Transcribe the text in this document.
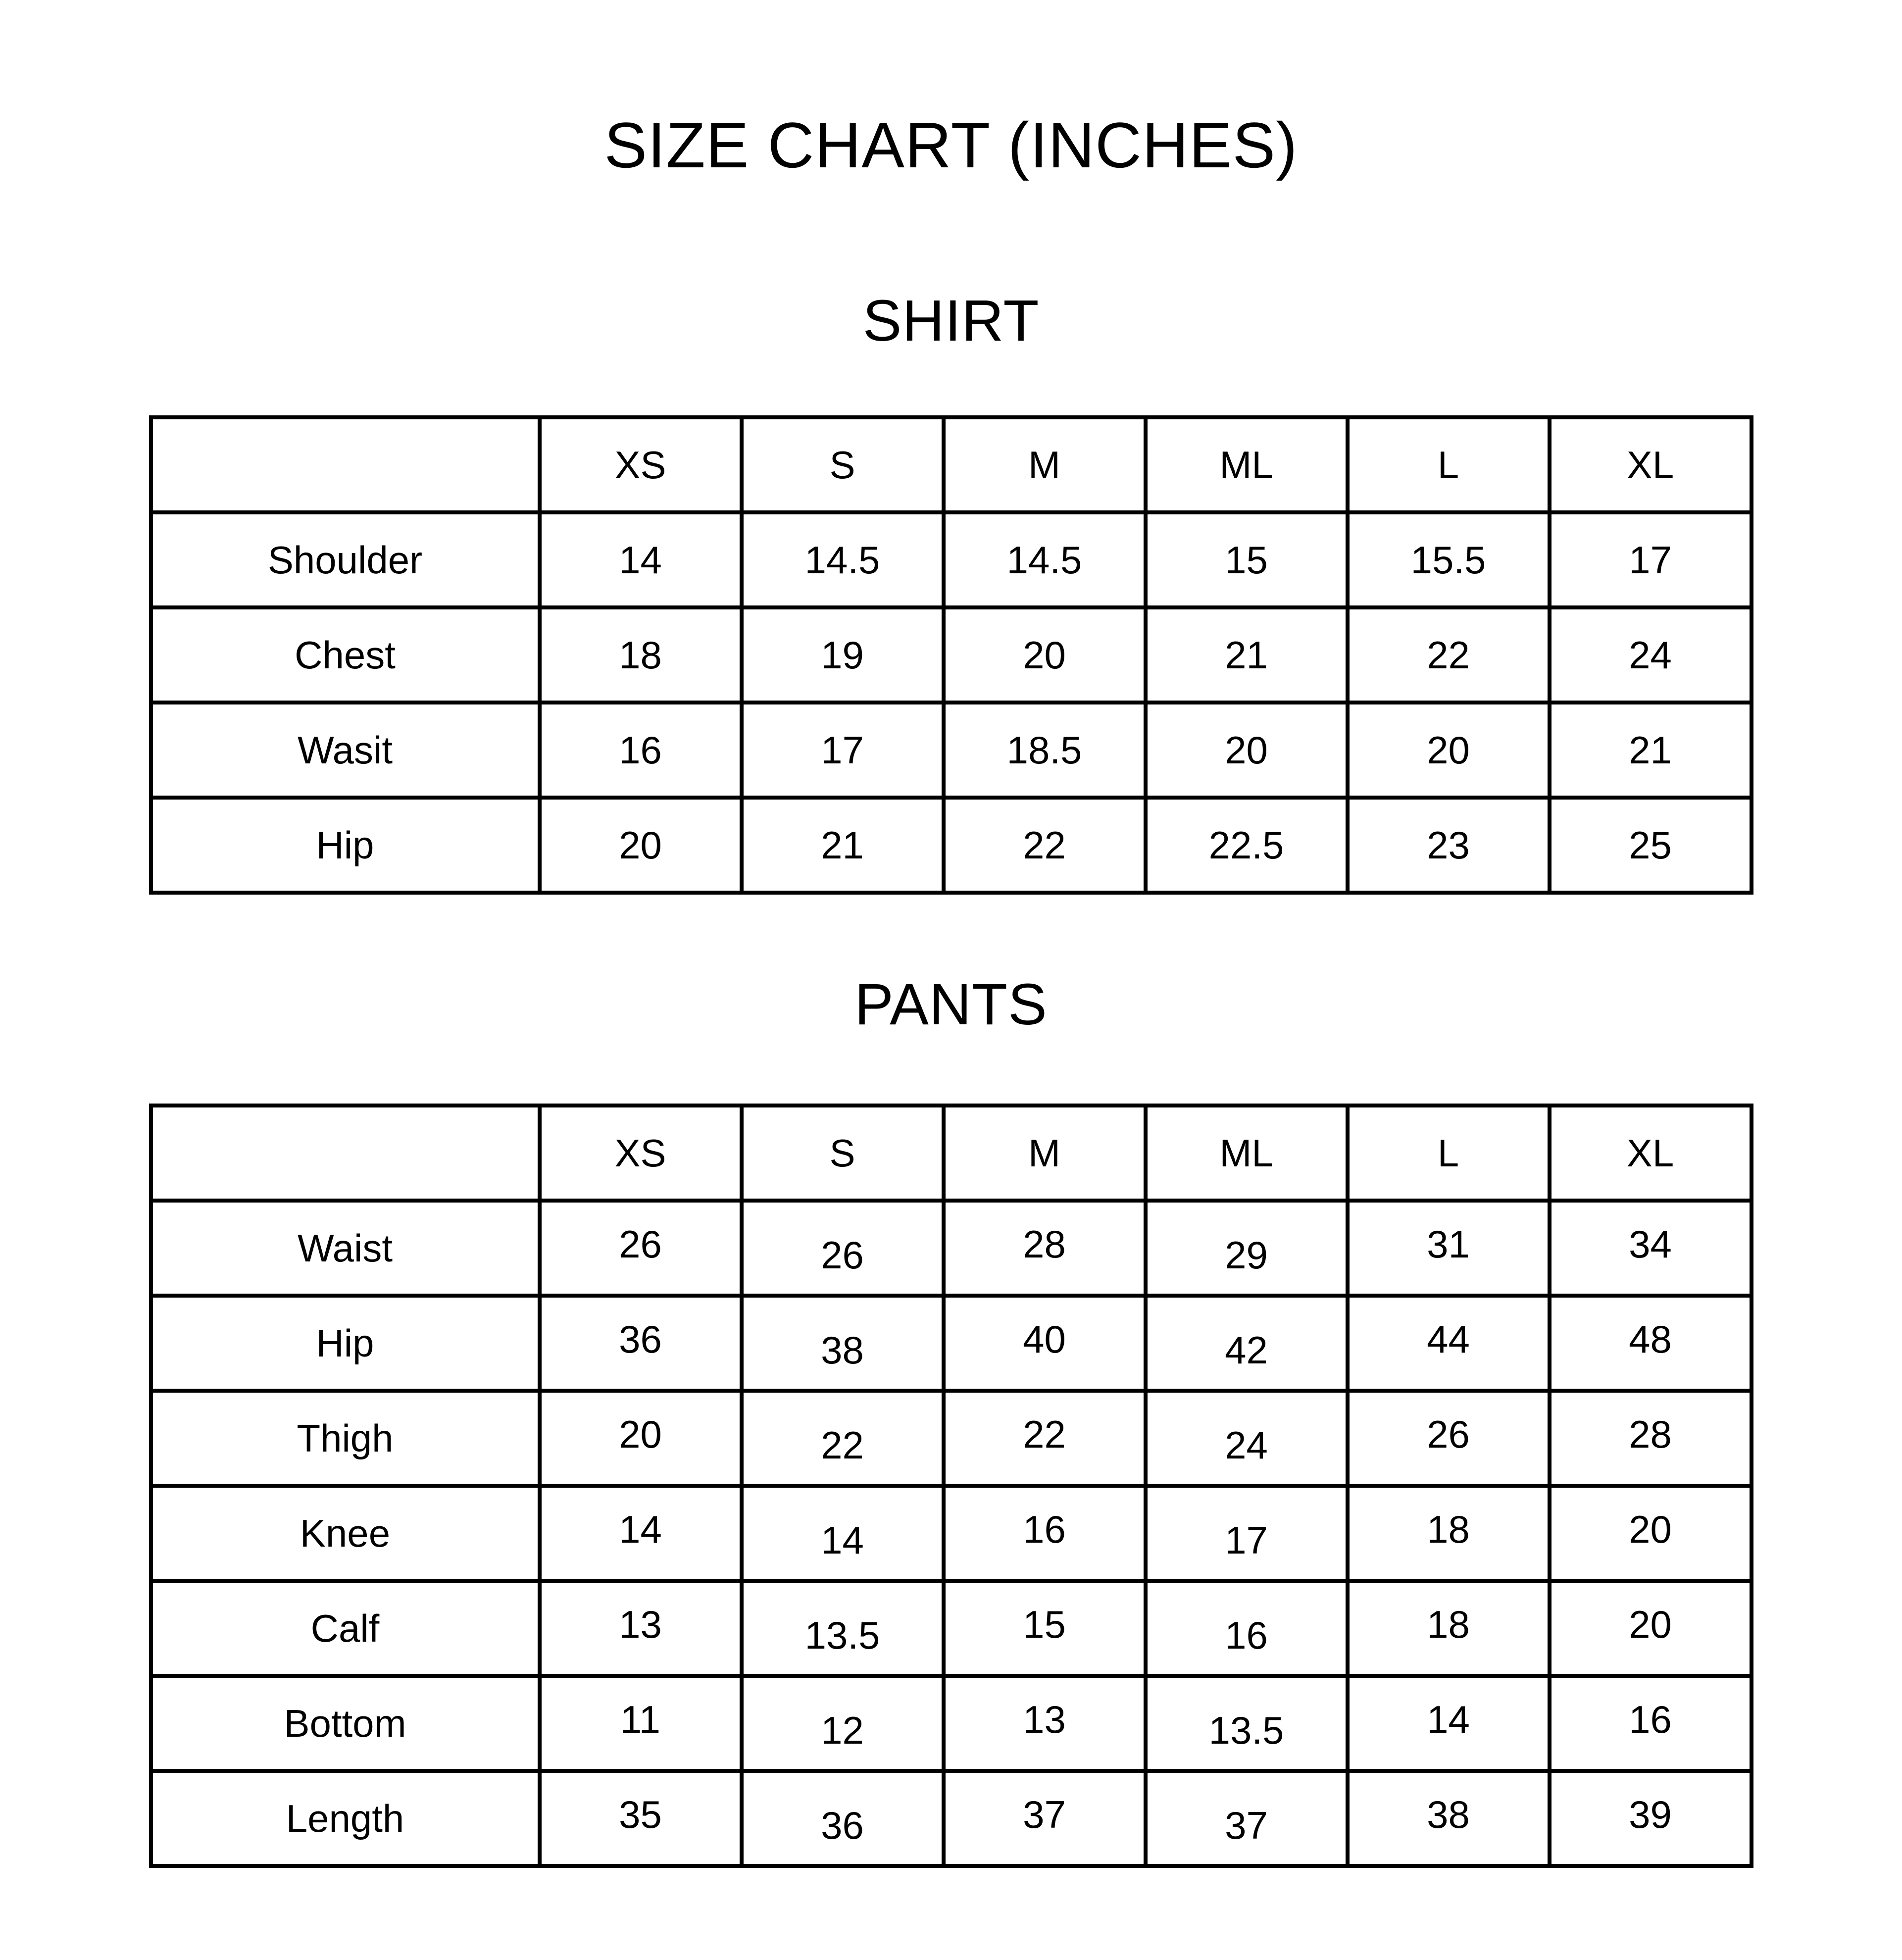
SIZE CHART (INCHES)
SHIRT
	XS	S	M	ML	L	XL
Shoulder	14	14.5	14.5	15	15.5	17
Chest	18	19	20	21	22	24
Wasit	16	17	18.5	20	20	21
Hip	20	21	22	22.5	23	25
PANTS
	XS	S	M	ML	L	XL
Waist	26	26	28	29	31	34
Hip	36	38	40	42	44	48
Thigh	20	22	22	24	26	28
Knee	14	14	16	17	18	20
Calf	13	13.5	15	16	18	20
Bottom	11	12	13	13.5	14	16
Length	35	36	37	37	38	39
